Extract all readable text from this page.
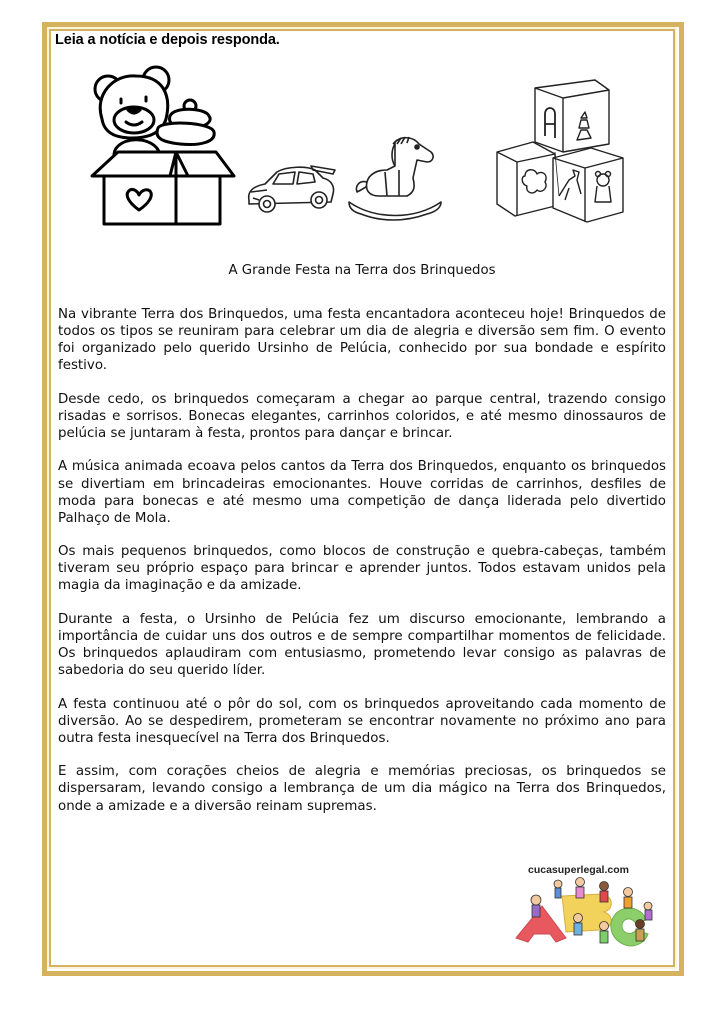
Leia a notícia e depois responda.
A Grande Festa na Terra dos Brinquedos

Na vibrante Terra dos Brinquedos, uma festa encantadora aconteceu hoje! Brinquedos de todos os tipos se reuniram para celebrar um dia de alegria e diversão sem fim. O evento foi organizado pelo querido Ursinho de Pelúcia, conhecido por sua bondade e espírito festivo.

Desde cedo, os brinquedos começaram a chegar ao parque central, trazendo consigo risadas e sorrisos. Bonecas elegantes, carrinhos coloridos, e até mesmo dinossauros de pelúcia se juntaram à festa, prontos para dançar e brincar.

A música animada ecoava pelos cantos da Terra dos Brinquedos, enquanto os brinquedos se divertiam em brincadeiras emocionantes. Houve corridas de carrinhos, desfiles de moda para bonecas e até mesmo uma competição de dança liderada pelo divertido Palhaço de Mola.

Os mais pequenos brinquedos, como blocos de construção e quebra-cabeças, também tiveram seu próprio espaço para brincar e aprender juntos. Todos estavam unidos pela magia da imaginação e da amizade.

Durante a festa, o Ursinho de Pelúcia fez um discurso emocionante, lembrando a importância de cuidar uns dos outros e de sempre compartilhar momentos de felicidade. Os brinquedos aplaudiram com entusiasmo, prometendo levar consigo as palavras de sabedoria do seu querido líder.

A festa continuou até o pôr do sol, com os brinquedos aproveitando cada momento de diversão. Ao se despedirem, prometeram se encontrar novamente no próximo ano para outra festa inesquecível na Terra dos Brinquedos.

E assim, com corações cheios de alegria e memórias preciosas, os brinquedos se dispersaram, levando consigo a lembrança de um dia mágico na Terra dos Brinquedos, onde a amizade e a diversão reinam supremas.

cucasuperlegal.com
